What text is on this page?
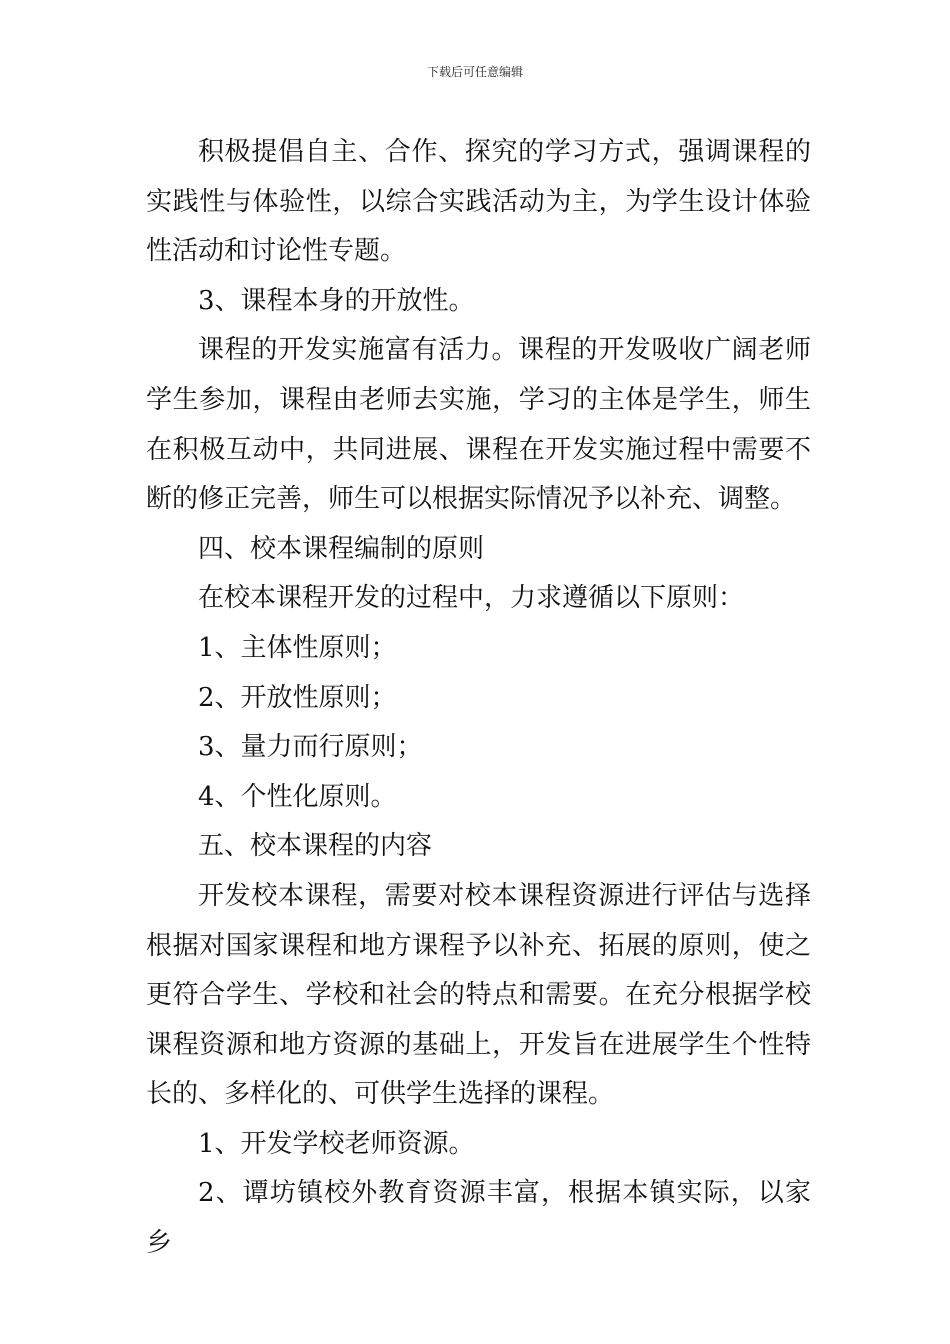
下载后可任意编辑

积极提倡自主、合作、探究的学习方式，强调课程的实践性与体验性，以综合实践活动为主，为学生设计体验性活动和讨论性专题。

3、课程本身的开放性。

课程的开发实施富有活力。课程的开发吸收广阔老师学生参加，课程由老师去实施，学习的主体是学生，师生在积极互动中，共同进展、课程在开发实施过程中需要不断的修正完善，师生可以根据实际情况予以补充、调整。

四、校本课程编制的原则

在校本课程开发的过程中，力求遵循以下原则：

1、主体性原则；

2、开放性原则；

3、量力而行原则；

4、个性化原则。

五、校本课程的内容

开发校本课程，需要对校本课程资源进行评估与选择根据对国家课程和地方课程予以补充、拓展的原则，使之更符合学生、学校和社会的特点和需要。在充分根据学校课程资源和地方资源的基础上，开发旨在进展学生个性特长的、多样化的、可供学生选择的课程。

1、开发学校老师资源。

2、谭坊镇校外教育资源丰富，根据本镇实际，以家乡
